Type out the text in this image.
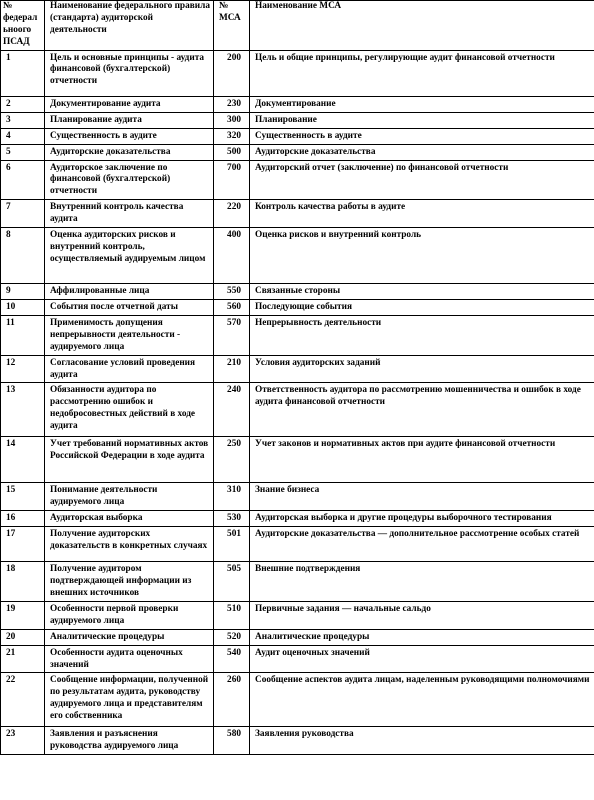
№ федеральноого ПСАД	Наименование федерального правила (стандарта) аудиторской деятельности	№ МСА	Наименование МСА
1	Цель и основные принципы - аудита финансовой (бухгалтерской) отчетности	200	Цель и общие принципы, регулирующие аудит финансовой отчетности
2	Документирование аудита	230	Документирование
3	Планирование аудита	300	Планирование
4	Существенность в аудите	320	Существенность в аудите
5	Аудиторские доказательства	500	Аудиторские доказательства
6	Аудиторское заключение по финансовой (бухгалтерской) отчетности	700	Аудиторский отчет (заключение) по финансовой отчетности
7	Внутренний контроль качества аудита	220	Контроль качества работы в аудите
8	Оценка аудиторских рисков и внутренний контроль, осуществляемый аудируемым лицом	400	Оценка рисков и внутренний контроль
9	Аффилированные лица	550	Связанные стороны
10	События после отчетной даты	560	Последующие события
11	Применимость допущения непрерывности деятельности - аудируемого лица	570	Непрерывность деятельности
12	Согласование условий проведения аудита	210	Условия аудиторских заданий
13	Обязанности аудитора по рассмотрению ошибок и недобросовестных действий в ходе аудита	240	Ответственность аудитора по рассмотрению мошенничества и ошибок в ходе аудита финансовой отчетности
14	Учет требований нормативных актов Российской Федерации в ходе аудита	250	Учет законов и нормативных актов при аудите финансовой отчетности
15	Понимание деятельности аудируемого лица	310	Знание бизнеса
16	Аудиторская выборка	530	Аудиторская выборка и другие процедуры выборочного тестирования
17	Получение аудиторских доказательств в конкретных случаях	501	Аудиторские доказательства — дополнительное рассмотрение особых статей
18	Получение аудитором подтверждающей информации из внешних источников	505	Внешние подтверждения
19	Особенности первой проверки аудируемого лица	510	Первичные задания — начальные сальдо
20	Аналитические процедуры	520	Аналитические процедуры
21	Особенности аудита оценочных значений	540	Аудит оценочных значений
22	Сообщение информации, полученной по результатам аудита, руководству аудируемого лица и представителям его собственника	260	Сообщение аспектов аудита лицам, наделенным руководящими полномочиями
23	Заявления и разъяснения руководства аудируемого лица	580	Заявления руководства
